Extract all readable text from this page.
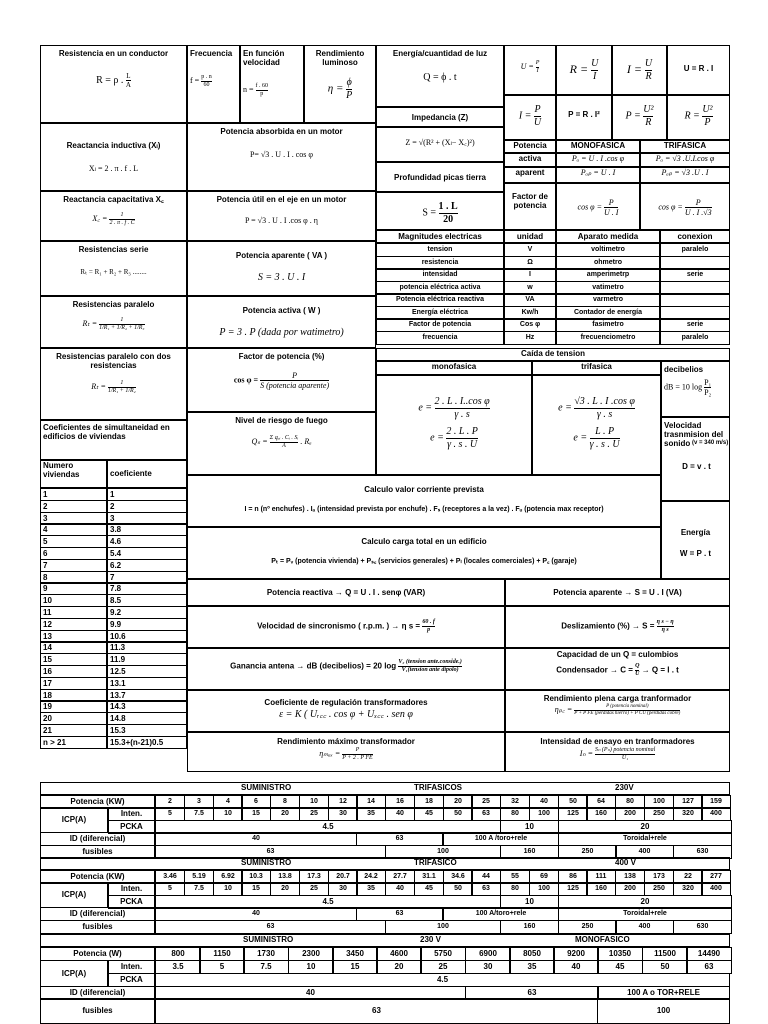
Resistencia en un conductor
R = ρ . $\frac{L}{A}$
Frecuencia
$f = \frac{p . n}{60}$
En función velocidad
$n = \frac{f . 60}{p}$
Rendimiento luminoso
$\eta = \frac{\phi}{P}$
Energía/cuantidad de luz
Q = ϕ . t
$U = \frac{P}{I}$	$R = \frac{U}{I}$	$I = \frac{U}{R}$	U = R . I
$I = \frac{P}{U}$	P = R . I²	$P = \frac{\text{U²}}{R}$	$R = \frac{\text{U²}}{P}$
Impedancia (Z)
Z = √(R² + (Xₗ− X꜀)²)
Reactancia inductiva (Xₗ)
Xₗ = 2 . π . f . L
Potencia absorbida en un motor
P= √3 . U . I . cos φ
Potencia	MONOFASICA	TRIFASICA
activa	Pₐ = U . I .cos φ	Pₐ = √3 .U.I.cos φ
aparent	Pₐₚ = U . I	Pₐₚ = √3 .U . I
Profundidad picas tierra
$S = \frac{1 . L}{20}$
Factor de potencia	$\cos \varphi = \frac{P}{U . I}$	$\cos \varphi = \frac{P}{U . I .√3}$
Reactancia capacitativa X꜀
X꜀ = $\frac{1}{2 . \pi . f . C}$
Potencia útil en el eje en un motor
P = √3 . U . I .cos φ . η
Magnitudes electricas	unidad	Aparato medida	conexion
tension	V	voltimetro	paralelo
resistencia	Ω	ohmetro
intensidad	I	amperimetrp	serie
potencia eléctrica activa	w	vatimetro
Potencia eléctrica reactiva	VA	varmetro
Energía eléctrica	Kw/h	Contador de energía
Factor de potencia	Cos φ	fasimetro	serie
frecuencia	Hz	frecuenciometro	paralelo
Resistencias serie
Rₜ = R₁ + R₂ + R₃ ........
Potencia aparente ( VA )
S = 3 . U . I
Resistencias paralelo
$R_t = \frac{1}{\text{1/R₁ + 1/R₂ + 1/R₃}}$
Potencia activa ( W )
P = 3 . P (dada por watimetro)
Caída de tension
Resistencias paralelo con dos resistencias
$R_t = \frac{1}{\text{1/R₁ + 1/R₂}}$
Factor de potencia (%)
$\cos \varphi = \frac{P}{\text{S (potencia aparente)}}$
monofasica	trifasica
$e = \frac{\text{2 . L . I..cos φ}}{\gamma . s}$
$e = \frac{2 . L . P}{\gamma . s . U}$
$e = \frac{\text{√3 . L . I .cos φ}}{\gamma . s}$
$e = \frac{L . P}{\gamma . s . U}$
decibelios
dB = 10 $\log \frac{\text{P₁}}{\text{P₂}}$
Coeficientes de simultaneidad en edificios de viviendas
Nivel de riesgo de fuego
$Q_s = \frac{\text{Σ qᵤᵢ . Cᵢ . Sᵢ}}{A}$ . Rₐ
Velocidad trasnmision del sonido (v = 340 m/s)
D = v . t
Numero viviendas	coeficiente
1	1
2	2
3	3
4	3.8
5	4.6
6	5.4
7	6.2
8	7
9	7.8
10	8.5
11	9.2
12	9.9
13	10.6
14	11.3
15	11.9
16	12.5
17	13.1
18	13.7
19	14.3
20	14.8
21	15.3
n > 21	15.3+(n-21)0.5
Calculo valor corriente prevista
I = n (nº enchufes) . Iₐ (intensidad prevista por enchufe) . Fₛ (receptores a la vez) . Fᵤ (potencia max receptor)
Energía
W = P . t
Calculo carga total en un edificio
Pₜ = Pᵥ (potencia vivienda) + Pₛ꜀ (servicios generales) + Pₗ (locales comerciales) + P꜀ (garaje)
Potencia reactiva → Q = U . I . senφ (VAR)	Potencia aparente → S = U . I (VA)
Velocidad de sincronismo ( r.p.m. ) → η $s = \frac{60 . f}{p}$	Deslizamiento (%) → $S = \frac{\text{η s − η}}{\text{η s}}$
Ganancia antena → dB (decibelios) = 20 $\log \frac{\text{V₂ (tension ante.conside.)}}{\text{V₁(tension ante dipolo)}}$
Capacidad de un Q = culombios
Condensador → $C = \frac{Q}{U} \to Q = I$ . t
Coeficiente de regulación transformadores
ε = K ( Uᵣ꜀꜀ . cos φ + Uₓ꜀꜀ . sen φ
Rendimiento plena carga tranformador
ηₚ꜀ = $\frac{\text{P (potencia nominal)}}{\text{P + P FE (perdidas hierro) + P CU (perdidas cobre)}}$
Rendimiento máximo transformador
$\eta_{max} = \frac{P}{\text{P + 2 . P FE}}$
Intensidad de ensayo en tranformadores
$I_n = \frac{\text{Sₙ (Pₙ) potencia nominal}}{\text{U₁}}$
SUMINISTRO	TRIFASICOS	230V
Potencia (KW)	2	3	4	6	8	10	12	14	16	18	20	25	32	40	50	64	80	100	127	159
ICP(A)
Inten.	5	7.5	10	15	20	25	30	35	40	45	50	63	80	100	125	160	200	250	320	400
PCKA	4.5	10	20
ID (diferencial)	40	63	100 A /toro+rele	Toroidal+rele
fusibles	63	100	160	250	400	630
SUMINISTRO	TRIFASICO	400 V
Potencia (KW)	3.46	5.19	6.92	10.3	13.8	17.3	20.7	24.2	27.7	31.1	34.6	44	55	69	86	111	138	173	22	277
ICP(A)
Inten.	5	7.5	10	15	20	25	30	35	40	45	50	63	80	100	125	160	200	250	320	400
PCKA	4.5	10	20
ID (diferencial)	40	63	100 A/toro+rele	Toroidal+rele
fusibles	63	100	160	250	400	630
SUMINISTRO	230 V	MONOFASICO
Potencia (W)	800	1150	1730	2300	3450	4600	5750	6900	8050	9200	10350	11500	14490
ICP(A)
Inten.	3.5	5	7.5	10	15	20	25	30	35	40	45	50	63
PCKA	4.5
ID (diferencial)	40	63	100 A o TOR+RELE
fusibles	63	100
